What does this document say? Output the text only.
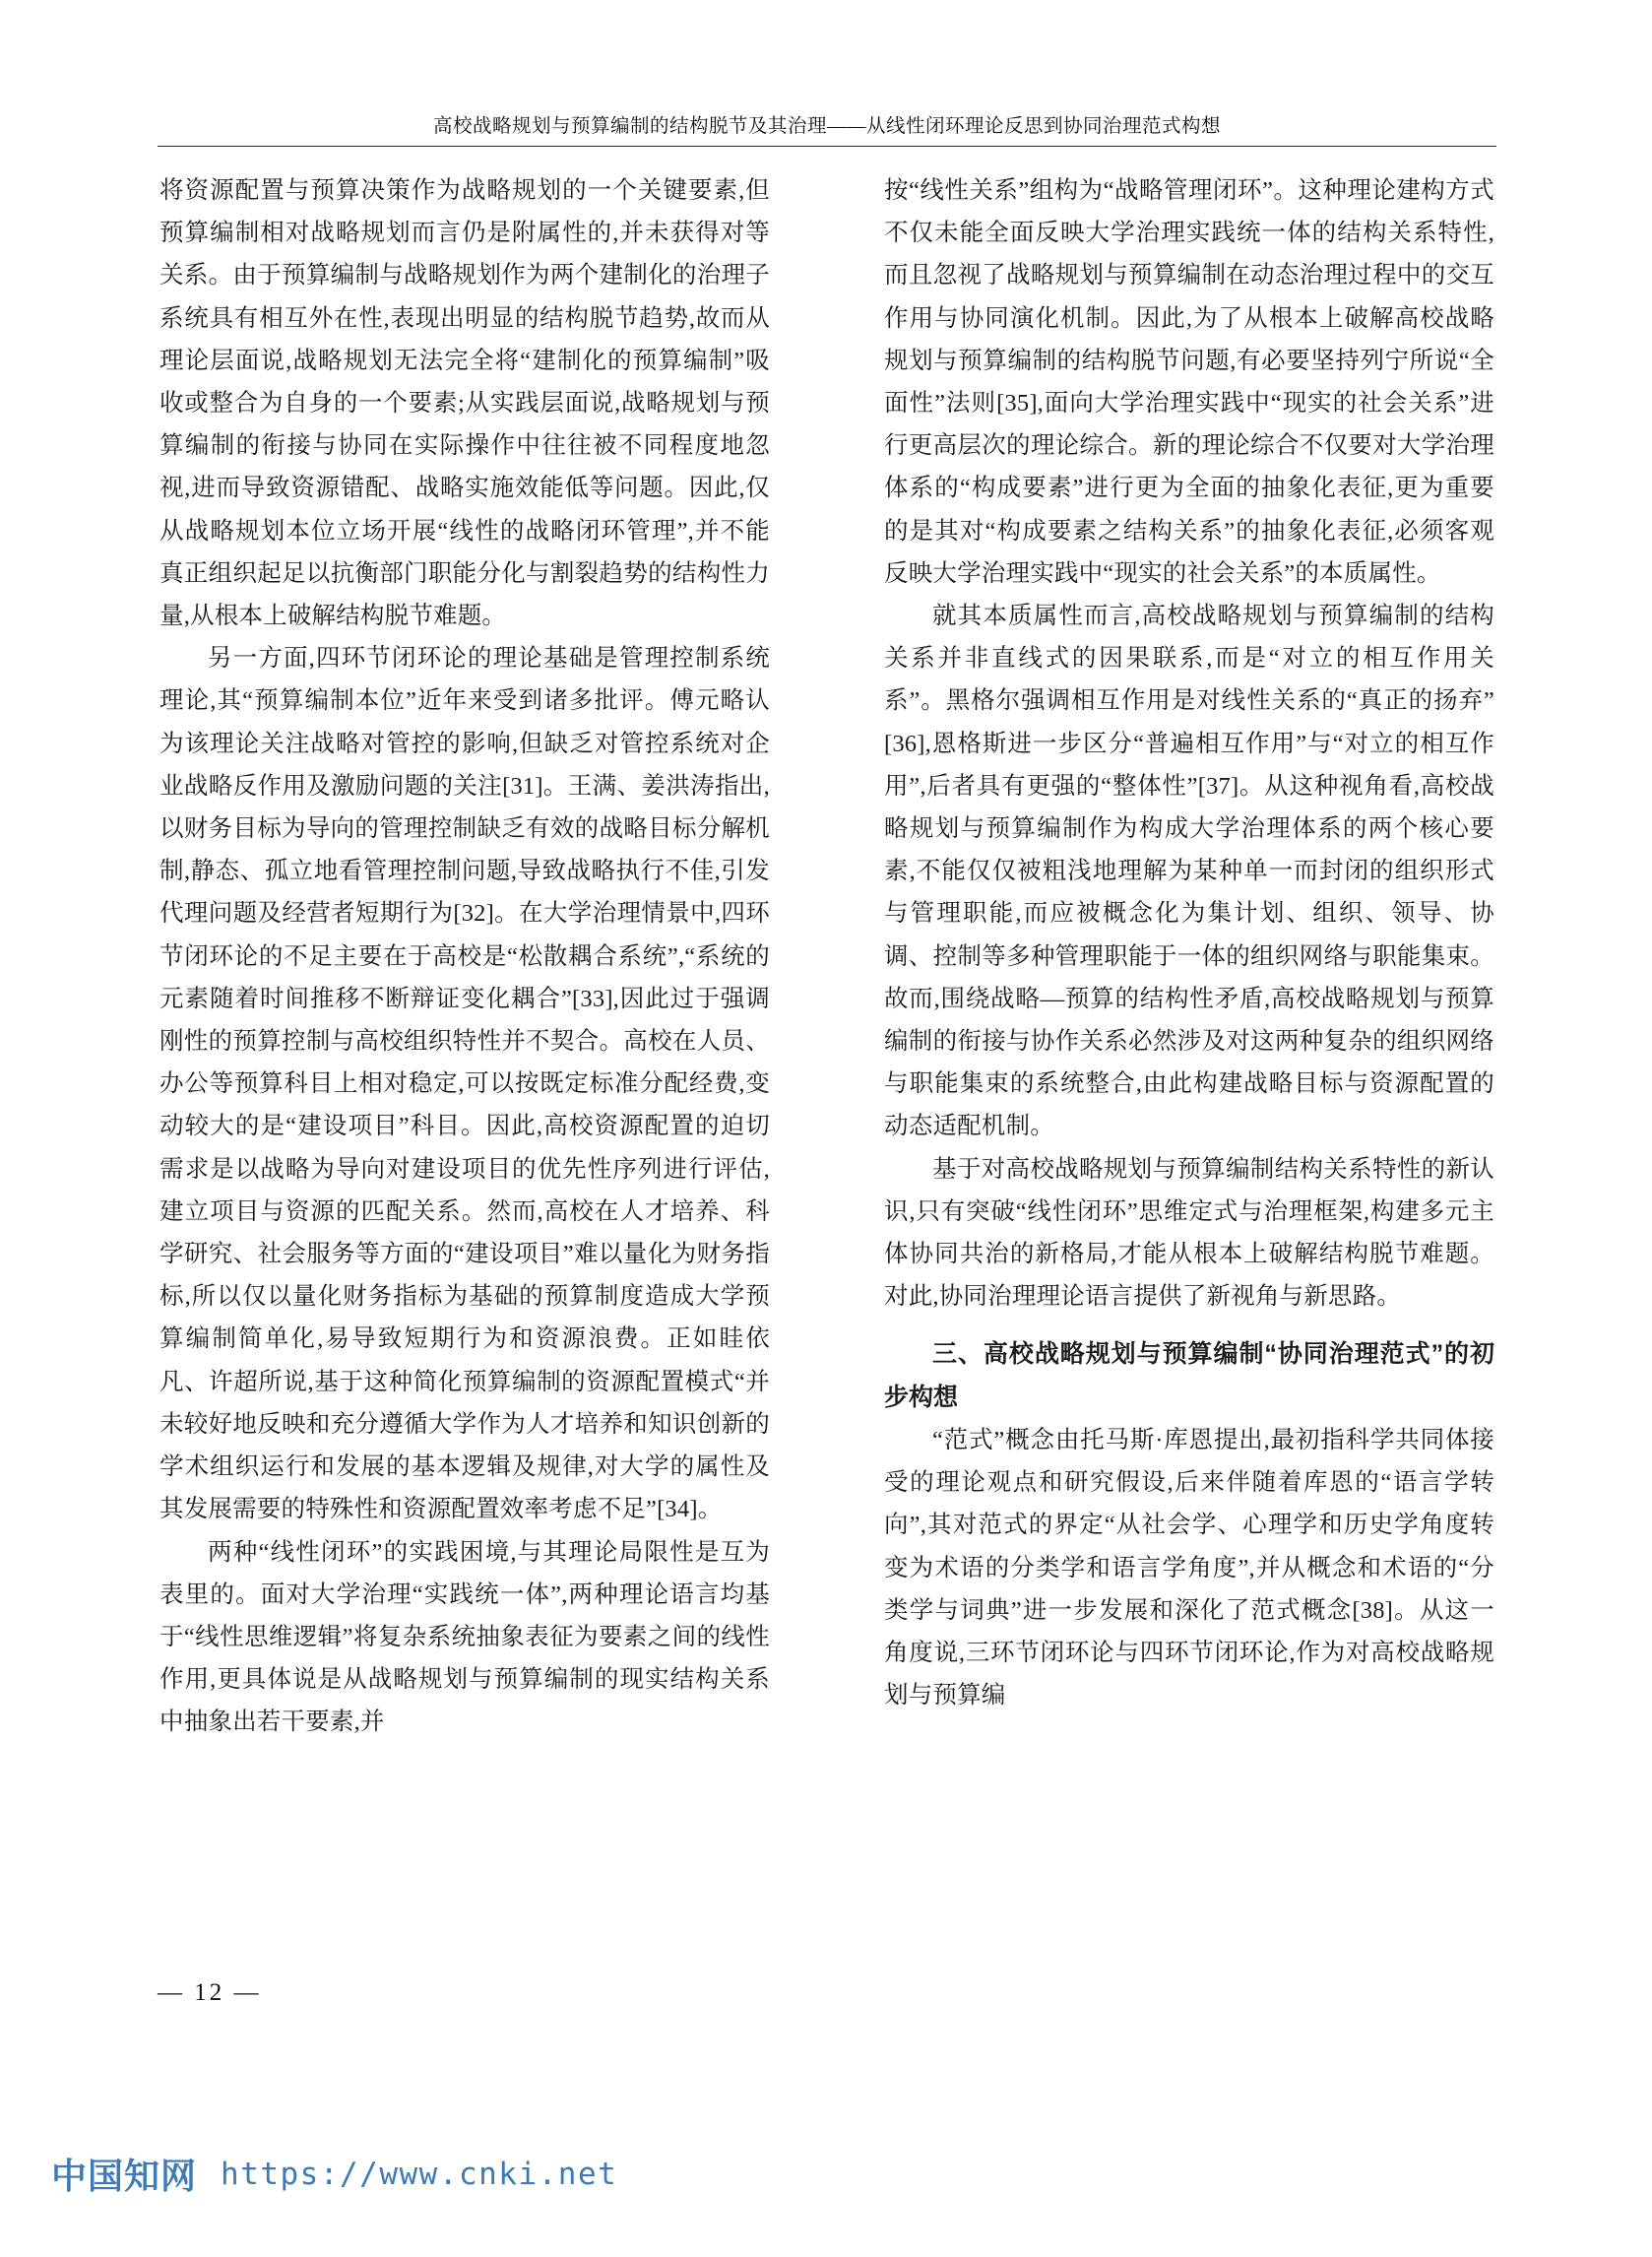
高校战略规划与预算编制的结构脱节及其治理——从线性闭环理论反思到协同治理范式构想

将资源配置与预算决策作为战略规划的一个关键要素,但预算编制相对战略规划而言仍是附属性的,并未获得对等关系。由于预算编制与战略规划作为两个建制化的治理子系统具有相互外在性,表现出明显的结构脱节趋势,故而从理论层面说,战略规划无法完全将“建制化的预算编制”吸收或整合为自身的一个要素;从实践层面说,战略规划与预算编制的衔接与协同在实际操作中往往被不同程度地忽视,进而导致资源错配、战略实施效能低等问题。因此,仅从战略规划本位立场开展“线性的战略闭环管理”,并不能真正组织起足以抗衡部门职能分化与割裂趋势的结构性力量,从根本上破解结构脱节难题。

另一方面,四环节闭环论的理论基础是管理控制系统理论,其“预算编制本位”近年来受到诸多批评。傅元略认为该理论关注战略对管控的影响,但缺乏对管控系统对企业战略反作用及激励问题的关注[31]。王满、姜洪涛指出,以财务目标为导向的管理控制缺乏有效的战略目标分解机制,静态、孤立地看管理控制问题,导致战略执行不佳,引发代理问题及经营者短期行为[32]。在大学治理情景中,四环节闭环论的不足主要在于高校是“松散耦合系统”,“系统的元素随着时间推移不断辩证变化耦合”[33],因此过于强调刚性的预算控制与高校组织特性并不契合。高校在人员、办公等预算科目上相对稳定,可以按既定标准分配经费,变动较大的是“建设项目”科目。因此,高校资源配置的迫切需求是以战略为导向对建设项目的优先性序列进行评估,建立项目与资源的匹配关系。然而,高校在人才培养、科学研究、社会服务等方面的“建设项目”难以量化为财务指标,所以仅以量化财务指标为基础的预算制度造成大学预算编制简单化,易导致短期行为和资源浪费。正如眭依凡、许超所说,基于这种简化预算编制的资源配置模式“并未较好地反映和充分遵循大学作为人才培养和知识创新的学术组织运行和发展的基本逻辑及规律,对大学的属性及其发展需要的特殊性和资源配置效率考虑不足”[34]。

两种“线性闭环”的实践困境,与其理论局限性是互为表里的。面对大学治理“实践统一体”,两种理论语言均基于“线性思维逻辑”将复杂系统抽象表征为要素之间的线性作用,更具体说是从战略规划与预算编制的现实结构关系中抽象出若干要素,并

按“线性关系”组构为“战略管理闭环”。这种理论建构方式不仅未能全面反映大学治理实践统一体的结构关系特性,而且忽视了战略规划与预算编制在动态治理过程中的交互作用与协同演化机制。因此,为了从根本上破解高校战略规划与预算编制的结构脱节问题,有必要坚持列宁所说“全面性”法则[35],面向大学治理实践中“现实的社会关系”进行更高层次的理论综合。新的理论综合不仅要对大学治理体系的“构成要素”进行更为全面的抽象化表征,更为重要的是其对“构成要素之结构关系”的抽象化表征,必须客观反映大学治理实践中“现实的社会关系”的本质属性。

就其本质属性而言,高校战略规划与预算编制的结构关系并非直线式的因果联系,而是“对立的相互作用关系”。黑格尔强调相互作用是对线性关系的“真正的扬弃”[36],恩格斯进一步区分“普遍相互作用”与“对立的相互作用”,后者具有更强的“整体性”[37]。从这种视角看,高校战略规划与预算编制作为构成大学治理体系的两个核心要素,不能仅仅被粗浅地理解为某种单一而封闭的组织形式与管理职能,而应被概念化为集计划、组织、领导、协调、控制等多种管理职能于一体的组织网络与职能集束。故而,围绕战略—预算的结构性矛盾,高校战略规划与预算编制的衔接与协作关系必然涉及对这两种复杂的组织网络与职能集束的系统整合,由此构建战略目标与资源配置的动态适配机制。

基于对高校战略规划与预算编制结构关系特性的新认识,只有突破“线性闭环”思维定式与治理框架,构建多元主体协同共治的新格局,才能从根本上破解结构脱节难题。对此,协同治理理论语言提供了新视角与新思路。

三、高校战略规划与预算编制“协同治理范式”的初步构想

“范式”概念由托马斯·库恩提出,最初指科学共同体接受的理论观点和研究假设,后来伴随着库恩的“语言学转向”,其对范式的界定“从社会学、心理学和历史学角度转变为术语的分类学和语言学角度”,并从概念和术语的“分类学与词典”进一步发展和深化了范式概念[38]。从这一角度说,三环节闭环论与四环节闭环论,作为对高校战略规划与预算编

— 12 —
中国知网 https://www.cnki.net
